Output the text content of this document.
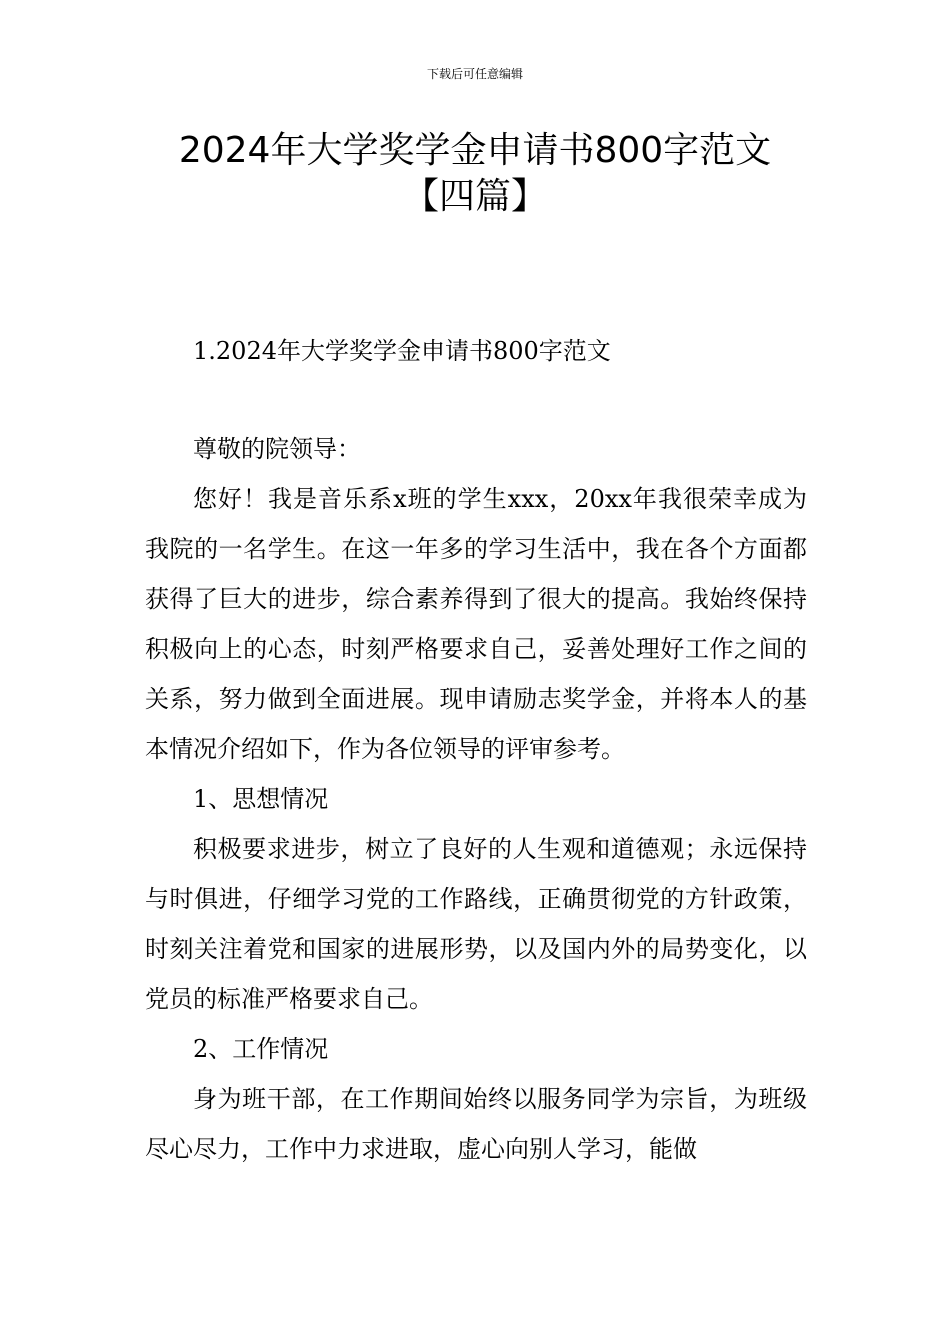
下载后可任意编辑
2024年大学奖学金申请书800字范文【四篇】

1.2024年大学奖学金申请书800字范文

尊敬的院领导：

您好！我是音乐系x班的学生xxx，20xx年我很荣幸成为我院的一名学生。在这一年多的学习生活中，我在各个方面都获得了巨大的进步，综合素养得到了很大的提高。我始终保持积极向上的心态，时刻严格要求自己，妥善处理好工作之间的关系，努力做到全面进展。现申请励志奖学金，并将本人的基本情况介绍如下，作为各位领导的评审参考。

1、思想情况

积极要求进步，树立了良好的人生观和道德观；永远保持与时俱进，仔细学习党的工作路线，正确贯彻党的方针政策，时刻关注着党和国家的进展形势，以及国内外的局势变化，以党员的标准严格要求自己。

2、工作情况

身为班干部，在工作期间始终以服务同学为宗旨，为班级尽心尽力，工作中力求进取，虚心向别人学习，能做
